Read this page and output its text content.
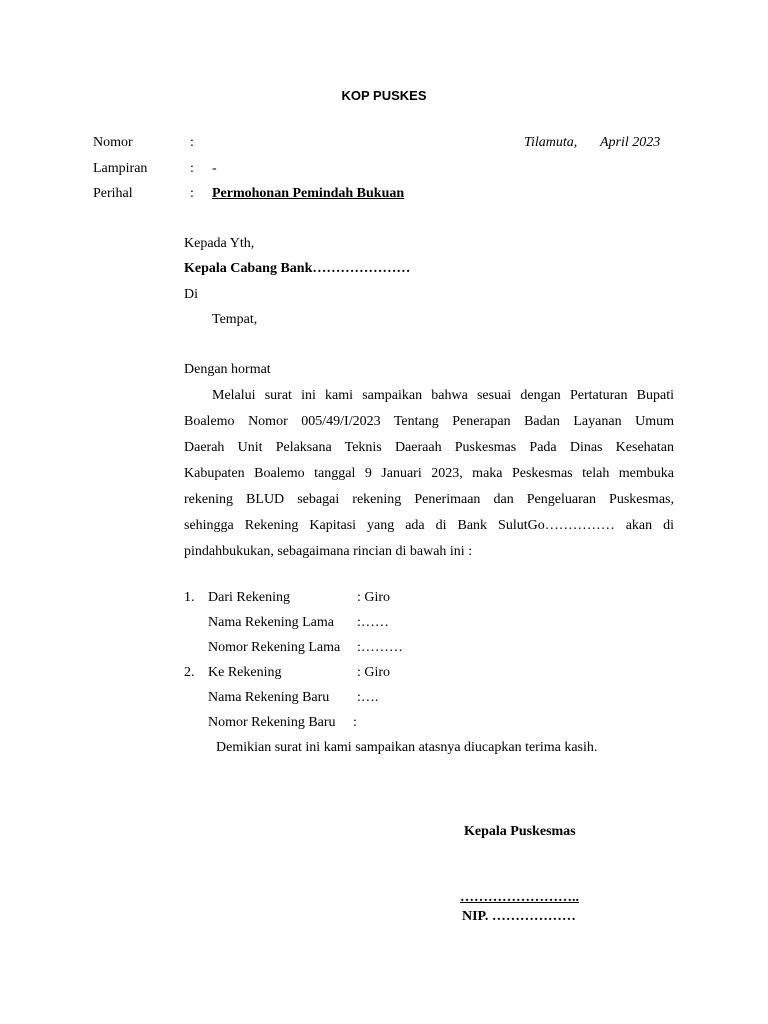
KOP PUSKES
Nomor	:	Tilamuta, April 2023
Lampiran	: -
Perihal	: Permohonan Pemindah Bukuan
Kepada Yth,
Kepala Cabang Bank…………………
Di
Tempat,
Dengan hormat
Melalui surat ini kami sampaikan bahwa sesuai dengan Pertaturan Bupati
Boalemo Nomor 005/49/I/2023 Tentang Penerapan Badan Layanan Umum
Daerah Unit Pelaksana Teknis Daeraah Puskesmas Pada Dinas Kesehatan
Kabupaten Boalemo tanggal 9 Januari 2023, maka Peskesmas telah membuka
rekening BLUD sebagai rekening Penerimaan dan Pengeluaran Puskesmas,
sehingga Rekening Kapitasi yang ada di Bank SulutGo…………… akan di
pindahbukukan, sebagaimana rincian di bawah ini :
1. Dari Rekening	: Giro
Nama Rekening Lama :……
Nomor Rekening Lama :………
2. Ke Rekening	: Giro
Nama Rekening Baru :….
Nomor Rekening Baru :
Demikian surat ini kami sampaikan atasnya diucapkan terima kasih.
Kepala Puskesmas
……………………..
NIP. ………………
